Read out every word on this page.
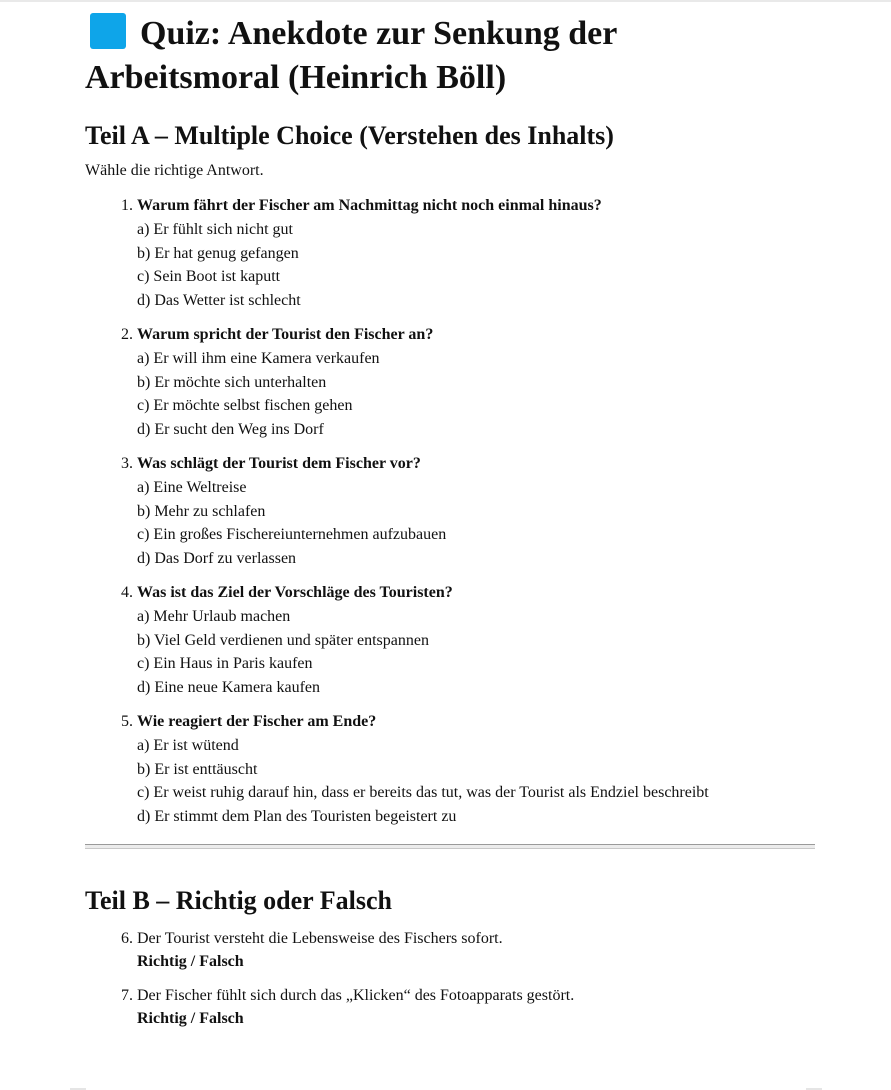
Quiz: Anekdote zur Senkung der Arbeitsmoral (Heinrich Böll)
Teil A – Multiple Choice (Verstehen des Inhalts)
Wähle die richtige Antwort.
1. Warum fährt der Fischer am Nachmittag nicht noch einmal hinaus?
a) Er fühlt sich nicht gut
b) Er hat genug gefangen
c) Sein Boot ist kaputt
d) Das Wetter ist schlecht
2. Warum spricht der Tourist den Fischer an?
a) Er will ihm eine Kamera verkaufen
b) Er möchte sich unterhalten
c) Er möchte selbst fischen gehen
d) Er sucht den Weg ins Dorf
3. Was schlägt der Tourist dem Fischer vor?
a) Eine Weltreise
b) Mehr zu schlafen
c) Ein großes Fischereiunternehmen aufzubauen
d) Das Dorf zu verlassen
4. Was ist das Ziel der Vorschläge des Touristen?
a) Mehr Urlaub machen
b) Viel Geld verdienen und später entspannen
c) Ein Haus in Paris kaufen
d) Eine neue Kamera kaufen
5. Wie reagiert der Fischer am Ende?
a) Er ist wütend
b) Er ist enttäuscht
c) Er weist ruhig darauf hin, dass er bereits das tut, was der Tourist als Endziel beschreibt
d) Er stimmt dem Plan des Touristen begeistert zu
Teil B – Richtig oder Falsch
6. Der Tourist versteht die Lebensweise des Fischers sofort.
Richtig / Falsch
7. Der Fischer fühlt sich durch das „Klicken“ des Fotoapparats gestört.
Richtig / Falsch
